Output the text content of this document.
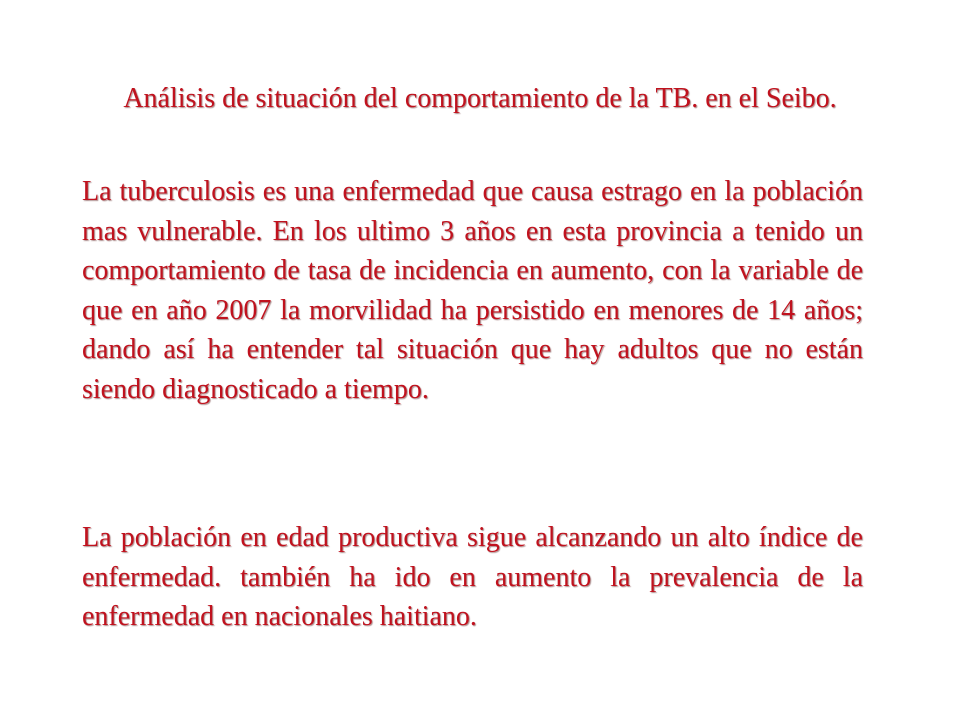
Análisis de situación del comportamiento de la TB. en el Seibo.

La tuberculosis es una enfermedad que causa estrago en la población mas vulnerable. En los ultimo 3 años en esta provincia a tenido un comportamiento de tasa de incidencia en aumento, con la variable de que en año 2007 la morvilidad ha persistido en menores de 14 años; dando así ha entender tal situación que hay adultos que no están siendo diagnosticado a tiempo.

La población en edad productiva sigue alcanzando un alto índice de enfermedad. también ha ido en aumento la prevalencia de la enfermedad en nacionales haitiano.
